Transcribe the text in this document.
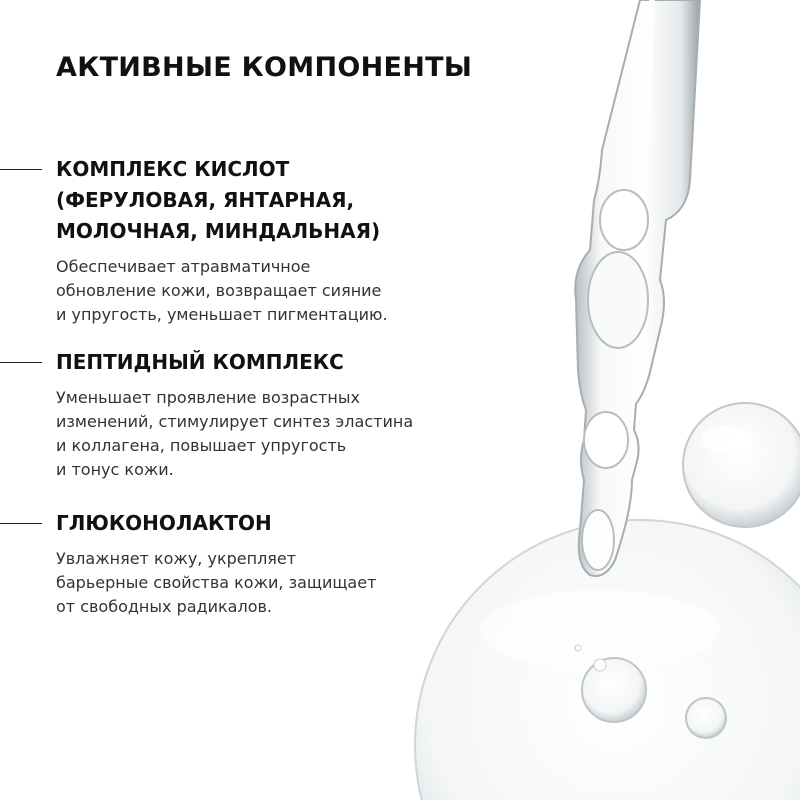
АКТИВНЫЕ КОМПОНЕНТЫ
КОМПЛЕКС КИСЛОТ
(ФЕРУЛОВАЯ, ЯНТАРНАЯ,
МОЛОЧНАЯ, МИНДАЛЬНАЯ)

Обеспечивает атравматичное
обновление кожи, возвращает сияние
и упругость, уменьшает пигментацию.

ПЕПТИДНЫЙ КОМПЛЕКС

Уменьшает проявление возрастных
изменений, стимулирует синтез эластина
и коллагена, повышает упругость
и тонус кожи.

ГЛЮКОНОЛАКТОН

Увлажняет кожу, укрепляет
барьерные свойства кожи, защищает
от свободных радикалов.
